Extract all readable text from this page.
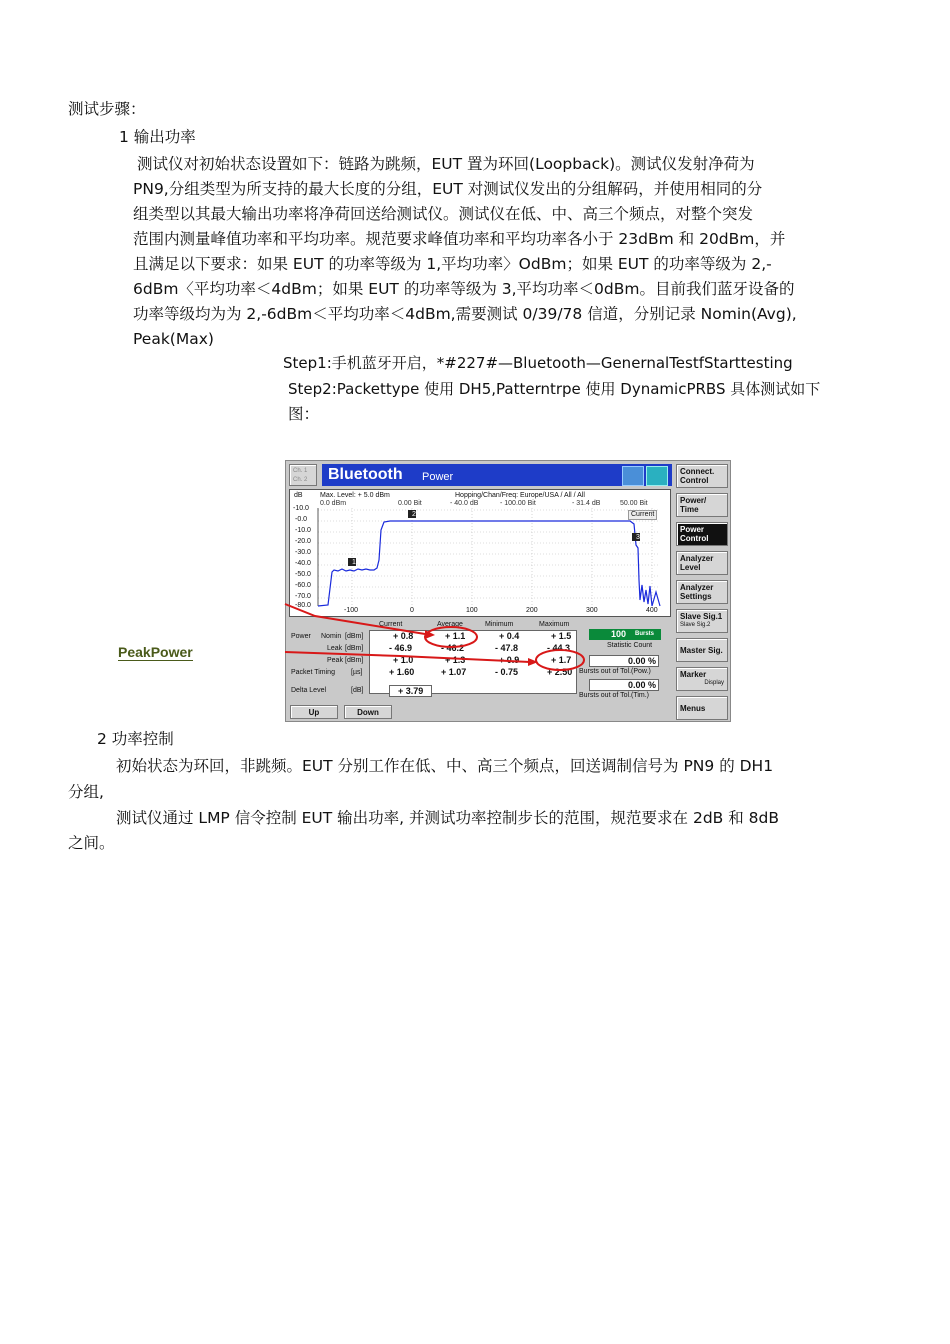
测试步骤：
1 输出功率
测试仪对初始状态设置如下：链路为跳频，EUT 置为环回(Loopback)。测试仪发射净荷为
PN9,分组类型为所支持的最大长度的分组，EUT 对测试仪发出的分组解码，并使用相同的分
组类型以其最大输出功率将净荷回送给测试仪。测试仪在低、中、高三个频点，对整个突发
范围内测量峰值功率和平均功率。规范要求峰值功率和平均功率各小于 23dBm 和 20dBm，并
且满足以下要求：如果 EUT 的功率等级为 1,平均功率〉OdBm；如果 EUT 的功率等级为 2,-
6dBm〈平均功率＜4dBm；如果 EUT 的功率等级为 3,平均功率＜0dBm。目前我们蓝牙设备的
功率等级均为为 2,-6dBm＜平均功率＜4dBm,需要测试 0/39/78 信道，分别记录 Nomin(Avg),
Peak(Max)
Step1:手机蓝牙开启，*#227#—Bluetooth—GenernalTestfStarttesting
Step2:Packettype 使用 DH5,Patterntrpe 使用 DynamicPRBS 具体测试如下
图：
PeakPower
Ch. 1
Ch. 2	Bluetooth Power
dB Max. Level: + 5.0 dBm	Hopping/Chan/Freq: Europe/USA / All / All
0.0 dBm	0.00 Bit	- 40.0 dB	- 100.00 Bit	- 31.4 dB	50.00 Bit
Current
1
2
3
-10.0
-0.0
-10.0
-20.0
-30.0
-40.0
-50.0
-60.0
-70.0
-80.0
-100	0	100	200	300	400
Current	Average	Minimum	Maximum
Power Nomin [dBm]	+ 0.8	+ 1.1	+ 0.4	+ 1.5
Leak [dBm]	- 46.9	- 46.2	- 47.8	- 44.3
Peak [dBm]	+ 1.0	+ 1.3	+ 0.9	+ 1.7
Packet Timing [µs]	+ 1.60	+ 1.07	- 0.75	+ 2.50
Delta Level	[dB]	+ 3.79
100 Bursts
Statistic Count
0.00 %
Bursts out of Tol.(Pow.)
0.00 %
Bursts out of Tol.(Tim.)
Up	Down
Connect.
Control
Power/
Time
Power
Control
Analyzer
Level
Analyzer
Settings
Slave Sig.1
Slave Sig.2
Master Sig.
Marker
Display
Menus
2 功率控制
初始状态为环回，非跳频。EUT 分别工作在低、中、高三个频点，回送调制信号为 PN9 的 DH1
分组,
测试仪通过 LMP 信令控制 EUT 输出功率, 并测试功率控制步长的范围，规范要求在 2dB 和 8dB
之间。
